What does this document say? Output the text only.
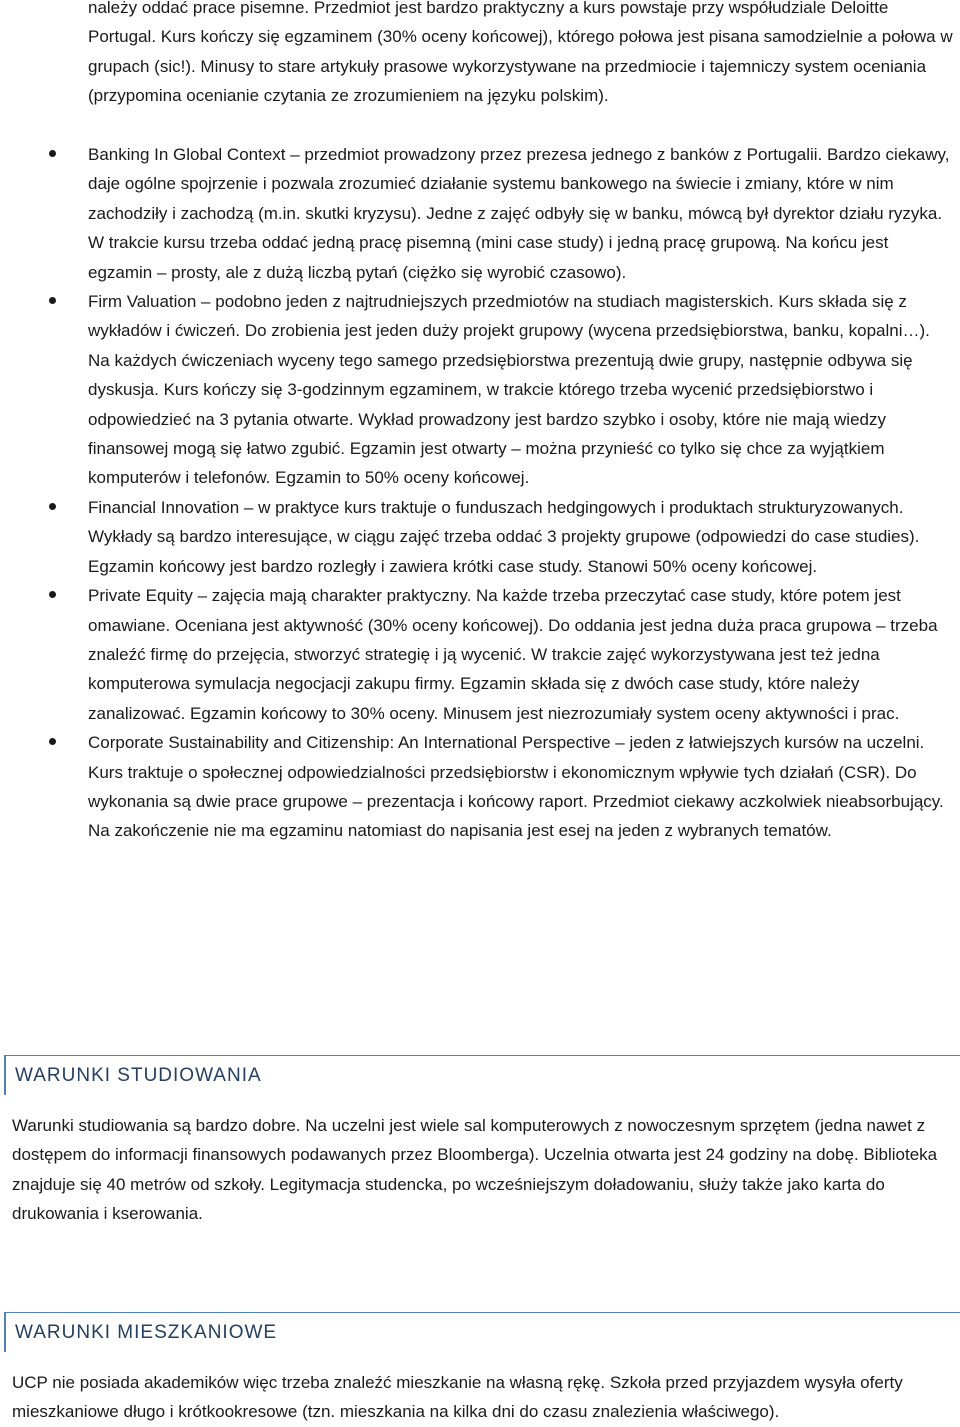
należy oddać prace pisemne. Przedmiot jest bardzo praktyczny a kurs powstaje przy współudziale Deloitte Portugal. Kurs kończy się egzaminem (30% oceny końcowej), którego połowa jest pisana samodzielnie a połowa w grupach (sic!). Minusy to stare artykuły prasowe wykorzystywane na przedmiocie i tajemniczy system oceniania (przypomina ocenianie czytania ze zrozumieniem na języku polskim).

Banking In Global Context – przedmiot prowadzony przez prezesa jednego z banków z Portugalii. Bardzo ciekawy, daje ogólne spojrzenie i pozwala zrozumieć działanie systemu bankowego na świecie i zmiany, które w nim zachodziły i zachodzą (m.in. skutki kryzysu). Jedne z zajęć odbyły się w banku, mówcą był dyrektor działu ryzyka. W trakcie kursu trzeba oddać jedną pracę pisemną (mini case study) i jedną pracę grupową. Na końcu jest egzamin – prosty, ale z dużą liczbą pytań (ciężko się wyrobić czasowo).
Firm Valuation – podobno jeden z najtrudniejszych przedmiotów na studiach magisterskich. Kurs składa się z wykładów i ćwiczeń. Do zrobienia jest jeden duży projekt grupowy (wycena przedsiębiorstwa, banku, kopalni…). Na każdych ćwiczeniach wyceny tego samego przedsiębiorstwa prezentują dwie grupy, następnie odbywa się dyskusja. Kurs kończy się 3-godzinnym egzaminem, w trakcie którego trzeba wycenić przedsiębiorstwo i odpowiedzieć na 3 pytania otwarte. Wykład prowadzony jest bardzo szybko i osoby, które nie mają wiedzy finansowej mogą się łatwo zgubić. Egzamin jest otwarty – można przynieść co tylko się chce za wyjątkiem komputerów i telefonów. Egzamin to 50% oceny końcowej.
Financial Innovation – w praktyce kurs traktuje o funduszach hedgingowych i produktach strukturyzowanych. Wykłady są bardzo interesujące, w ciągu zajęć trzeba oddać 3 projekty grupowe (odpowiedzi do case studies). Egzamin końcowy jest bardzo rozległy i zawiera krótki case study. Stanowi 50% oceny końcowej.
Private Equity – zajęcia mają charakter praktyczny. Na każde trzeba przeczytać case study, które potem jest omawiane. Oceniana jest aktywność (30% oceny końcowej). Do oddania jest jedna duża praca grupowa – trzeba znaleźć firmę do przejęcia, stworzyć strategię i ją wycenić. W trakcie zajęć wykorzystywana jest też jedna komputerowa symulacja negocjacji zakupu firmy. Egzamin składa się z dwóch case study, które należy zanalizować. Egzamin końcowy to 30% oceny. Minusem jest niezrozumiały system oceny aktywności i prac.
Corporate Sustainability and Citizenship: An International Perspective – jeden z łatwiejszych kursów na uczelni. Kurs traktuje o społecznej odpowiedzialności przedsiębiorstw i ekonomicznym wpływie tych działań (CSR). Do wykonania są dwie prace grupowe – prezentacja i końcowy raport. Przedmiot ciekawy aczkolwiek nieabsorbujący. Na zakończenie nie ma egzaminu natomiast do napisania jest esej na jeden z wybranych tematów.
WARUNKI STUDIOWANIA

Warunki studiowania są bardzo dobre. Na uczelni jest wiele sal komputerowych z nowoczesnym sprzętem (jedna nawet z dostępem do informacji finansowych podawanych przez Bloomberga). Uczelnia otwarta jest 24 godziny na dobę. Biblioteka znajduje się 40 metrów od szkoły. Legitymacja studencka, po wcześniejszym doładowaniu, służy także jako karta do drukowania i kserowania.

WARUNKI MIESZKANIOWE

UCP nie posiada akademików więc trzeba znaleźć mieszkanie na własną rękę. Szkoła przed przyjazdem wysyła oferty mieszkaniowe długo i krótkookresowe (tzn. mieszkania na kilka dni do czasu znalezienia właściwego).
